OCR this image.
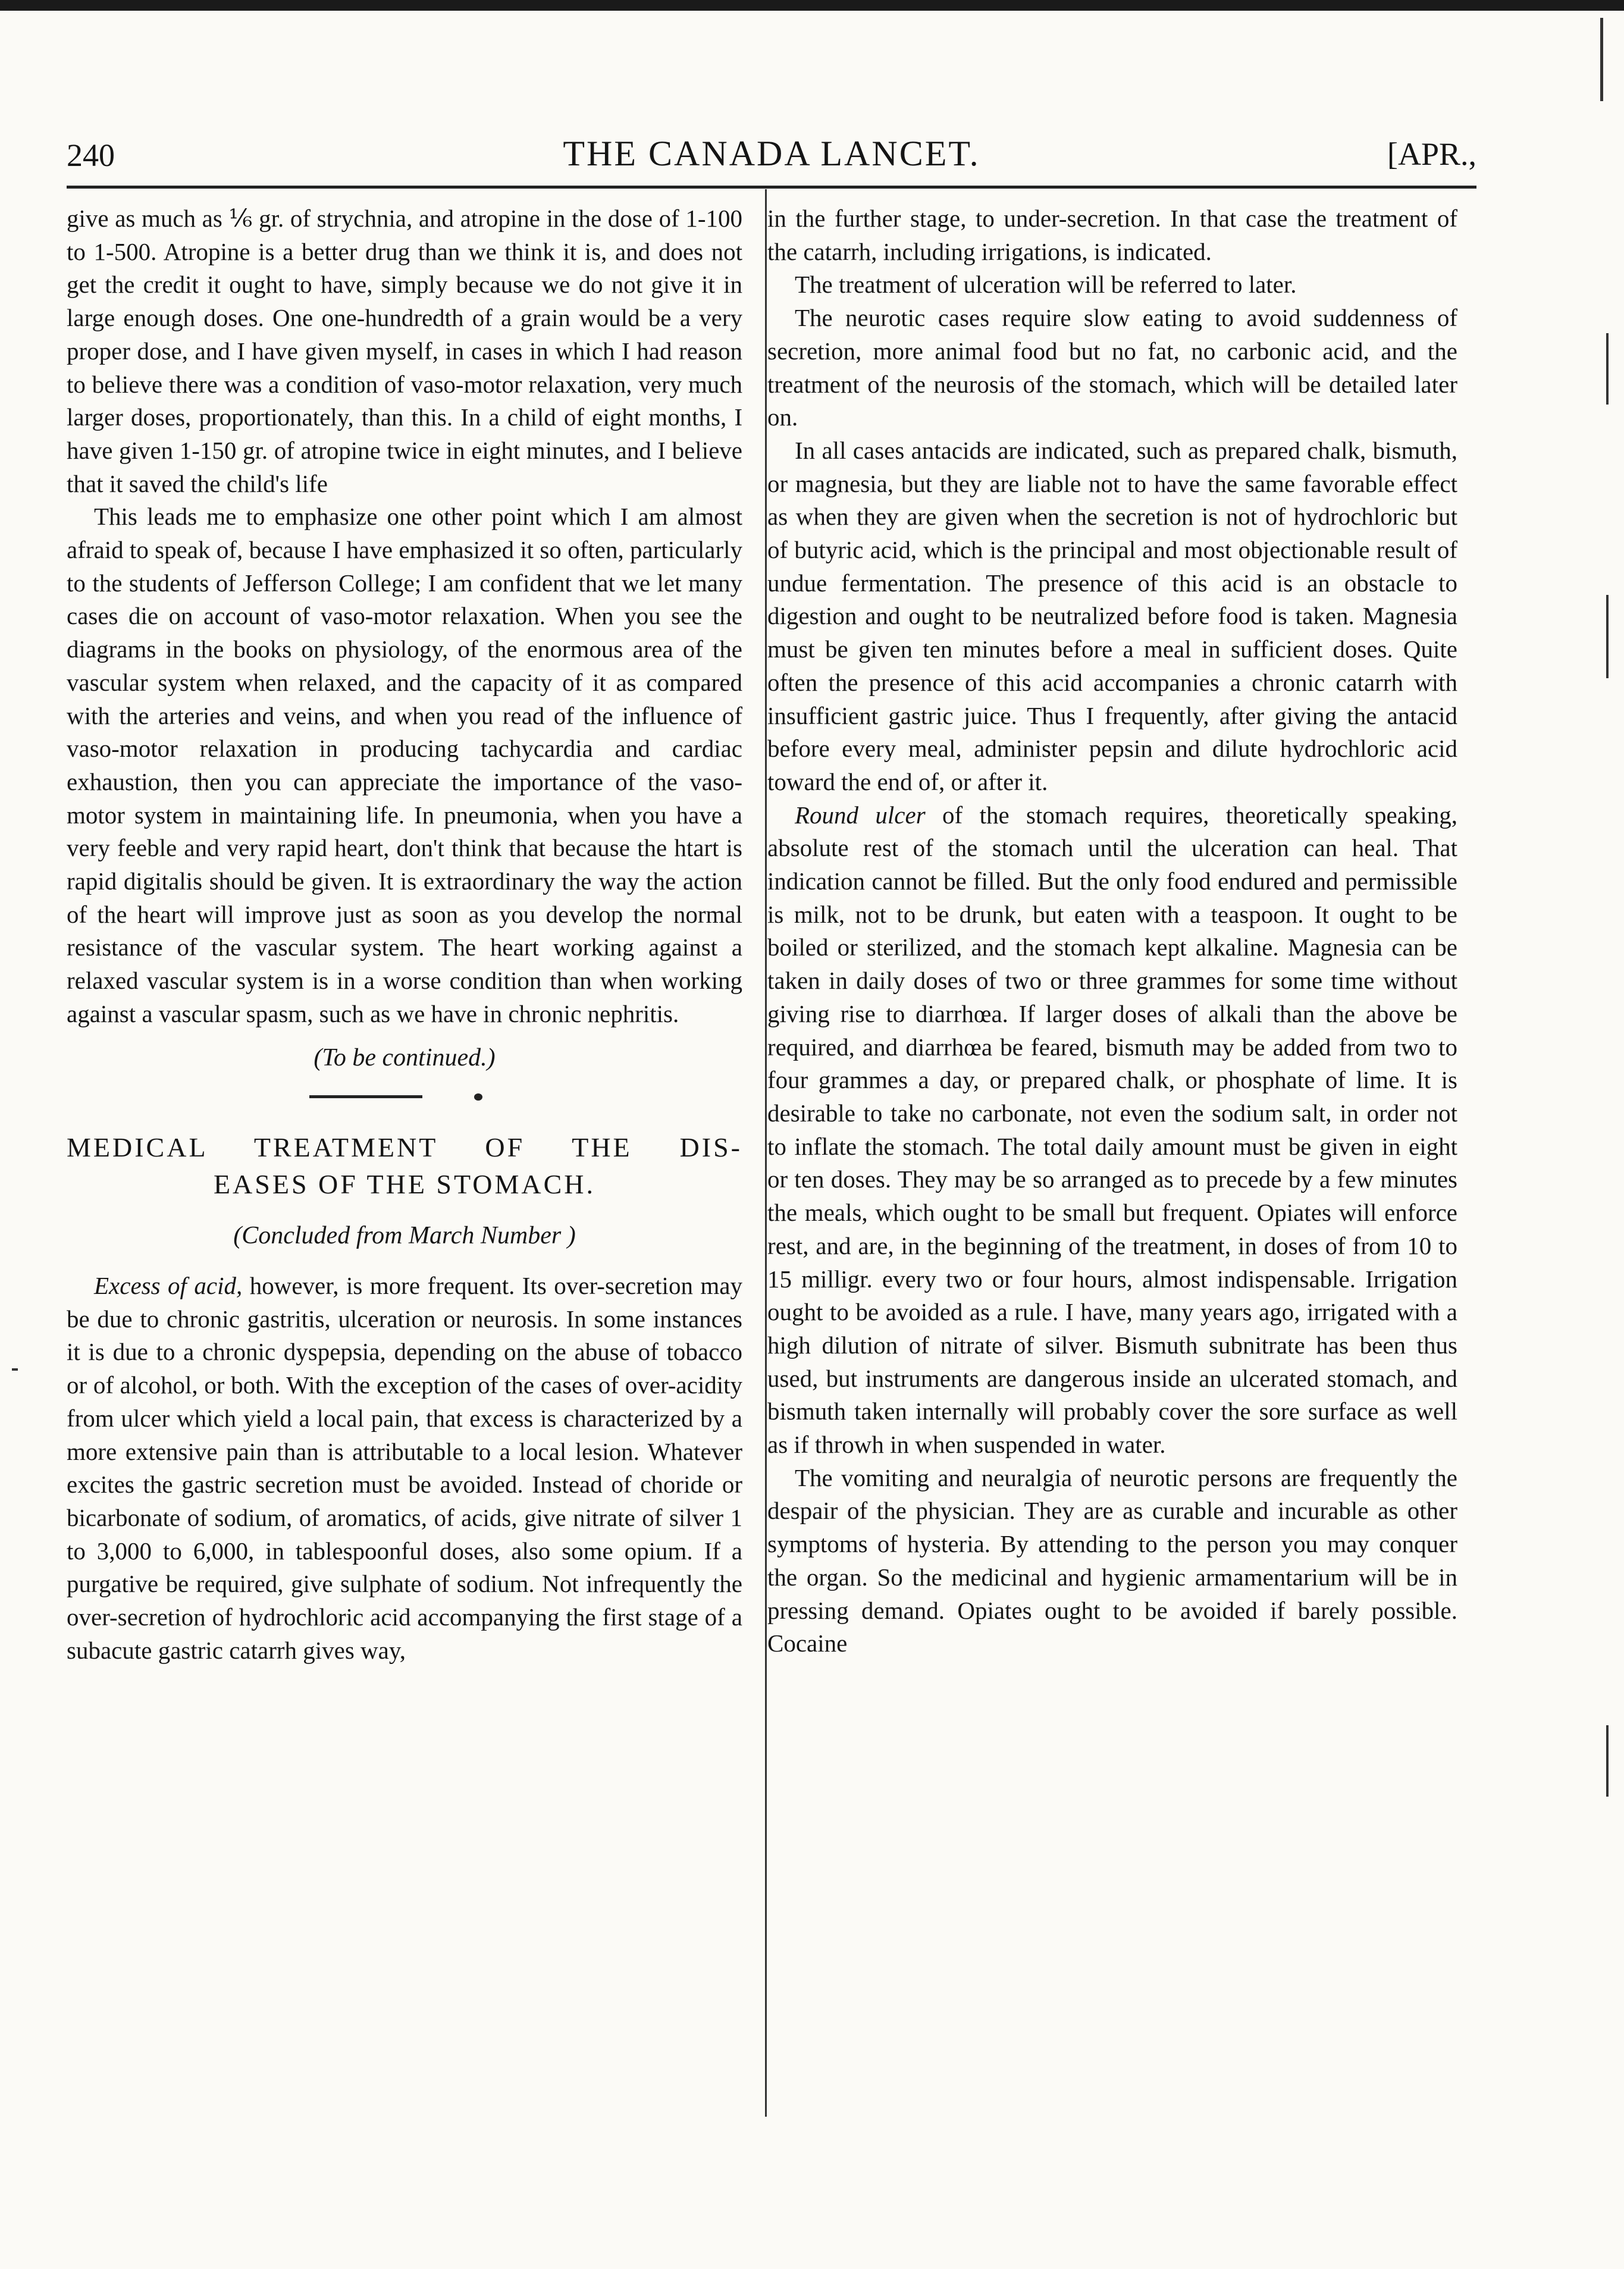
240	THE CANADA LANCET.	[APR.,

give as much as ⅙ gr. of strychnia, and atropine in the dose of 1-100 to 1-500. Atropine is a better drug than we think it is, and does not get the credit it ought to have, simply because we do not give it in large enough doses. One one-hundredth of a grain would be a very proper dose, and I have given myself, in cases in which I had reason to believe there was a condition of vaso-motor relaxation, very much larger doses, proportionately, than this. In a child of eight months, I have given 1-150 gr. of atropine twice in eight minutes, and I believe that it saved the child's life

This leads me to emphasize one other point which I am almost afraid to speak of, because I have emphasized it so often, particularly to the students of Jefferson College; I am confident that we let many cases die on account of vaso-motor relaxation. When you see the diagrams in the books on physiology, of the enormous area of the vascular system when relaxed, and the capacity of it as compared with the arteries and veins, and when you read of the influence of vaso-motor relaxation in producing tachycardia and cardiac exhaustion, then you can appreciate the importance of the vaso-motor system in maintaining life. In pneumonia, when you have a very feeble and very rapid heart, don't think that because the htart is rapid digitalis should be given. It is extraordinary the way the action of the heart will improve just as soon as you develop the normal resistance of the vascular system. The heart working against a relaxed vascular system is in a worse condition than when working against a vascular spasm, such as we have in chronic nephritis.

(To be continued.)

MEDICAL TREATMENT OF THE DIS-
EASES OF THE STOMACH.

(Concluded from March Number )

Excess of acid, however, is more frequent. Its over-secretion may be due to chronic gastritis, ulceration or neurosis. In some instances it is due to a chronic dyspepsia, depending on the abuse of tobacco or of alcohol, or both. With the exception of the cases of over-acidity from ulcer which yield a local pain, that excess is characterized by a more extensive pain than is attributable to a local lesion. Whatever excites the gastric secretion must be avoided. Instead of choride or bicarbonate of sodium, of aromatics, of acids, give nitrate of silver 1 to 3,000 to 6,000, in tablespoonful doses, also some opium. If a purgative be required, give sulphate of sodium. Not infrequently the over-secretion of hydrochloric acid accompanying the first stage of a subacute gastric catarrh gives way,

in the further stage, to under-secretion. In that case the treatment of the catarrh, including irrigations, is indicated.

The treatment of ulceration will be referred to later.

The neurotic cases require slow eating to avoid suddenness of secretion, more animal food but no fat, no carbonic acid, and the treatment of the neurosis of the stomach, which will be detailed later on.

In all cases antacids are indicated, such as prepared chalk, bismuth, or magnesia, but they are liable not to have the same favorable effect as when they are given when the secretion is not of hydrochloric but of butyric acid, which is the principal and most objectionable result of undue fermentation. The presence of this acid is an obstacle to digestion and ought to be neutralized before food is taken. Magnesia must be given ten minutes before a meal in sufficient doses. Quite often the presence of this acid accompanies a chronic catarrh with insufficient gastric juice. Thus I frequently, after giving the antacid before every meal, administer pepsin and dilute hydrochloric acid toward the end of, or after it.

Round ulcer of the stomach requires, theoretically speaking, absolute rest of the stomach until the ulceration can heal. That indication cannot be filled. But the only food endured and permissible is milk, not to be drunk, but eaten with a teaspoon. It ought to be boiled or sterilized, and the stomach kept alkaline. Magnesia can be taken in daily doses of two or three grammes for some time without giving rise to diarrhœa. If larger doses of alkali than the above be required, and diarrhœa be feared, bismuth may be added from two to four grammes a day, or prepared chalk, or phosphate of lime. It is desirable to take no carbonate, not even the sodium salt, in order not to inflate the stomach. The total daily amount must be given in eight or ten doses. They may be so arranged as to precede by a few minutes the meals, which ought to be small but frequent. Opiates will enforce rest, and are, in the beginning of the treatment, in doses of from 10 to 15 milligr. every two or four hours, almost indispensable. Irrigation ought to be avoided as a rule. I have, many years ago, irrigated with a high dilution of nitrate of silver. Bismuth subnitrate has been thus used, but instruments are dangerous inside an ulcerated stomach, and bismuth taken internally will probably cover the sore surface as well as if throwh in when suspended in water.

The vomiting and neuralgia of neurotic persons are frequently the despair of the physician. They are as curable and incurable as other symptoms of hysteria. By attending to the person you may conquer the organ. So the medicinal and hygienic armamentarium will be in pressing demand. Opiates ought to be avoided if barely possible. Cocaine
